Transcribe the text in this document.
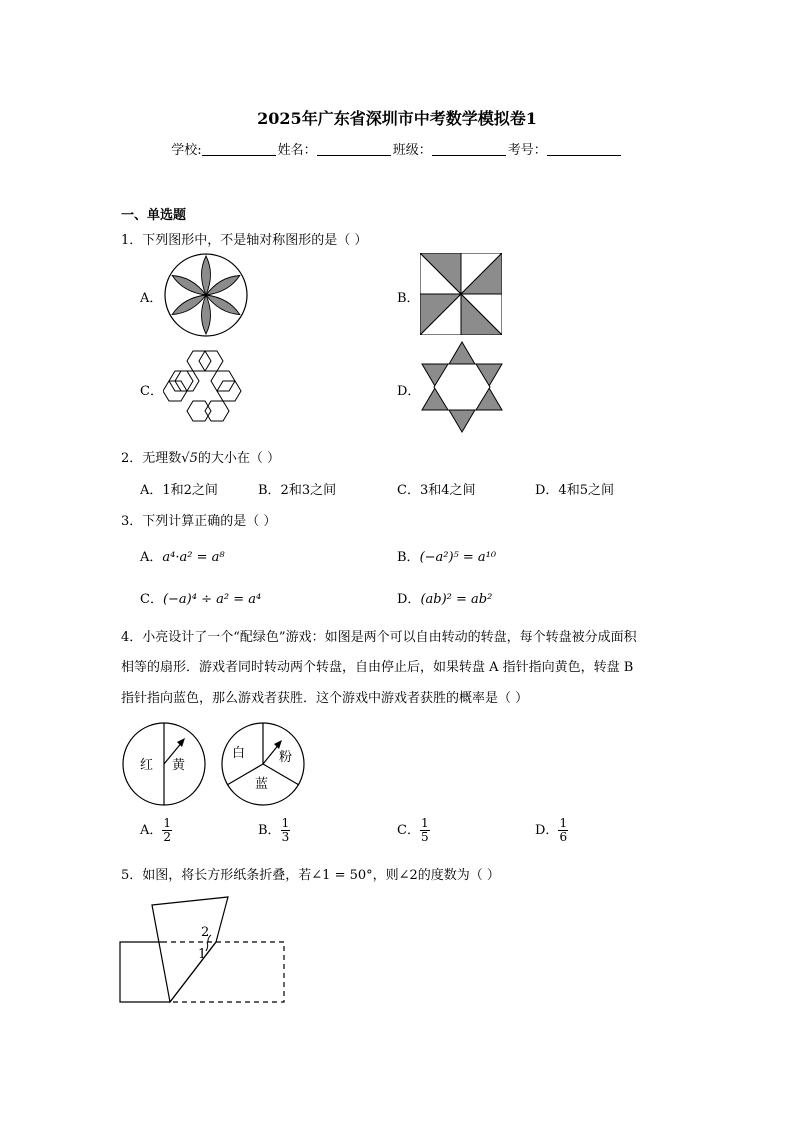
2025年广东省深圳市中考数学模拟卷1
学校:	姓名：	班级：	考号：
一、单选题
1．下列图形中，不是轴对称图形的是（ ）
A．	B．
C．	D．
2．无理数√5的大小在（ ）
A．1和2之间	B．2和3之间	C．3和4之间	D．4和5之间
3．下列计算正确的是（ ）
A．a⁴·a² = a⁸	B．(−a²)⁵ = a¹⁰
C．(−a)⁴ ÷ a² = a⁴	D．(ab)² = ab²
4．小亮设计了一个“配绿色”游戏：如图是两个可以自由转动的转盘，每个转盘被分成面积
相等的扇形．游戏者同时转动两个转盘，自由停止后，如果转盘 A 指针指向黄色，转盘 B
指针指向蓝色，那么游戏者获胜．这个游戏中游戏者获胜的概率是（ ）
红 黄
白	粉
蓝
A． $\frac{1}{2}$	B． $\frac{1}{3}$	C． $\frac{1}{5}$	D． $\frac{1}{6}$
5．如图，将长方形纸条折叠，若∠1 = 50°，则∠2的度数为（ ）
2
1
